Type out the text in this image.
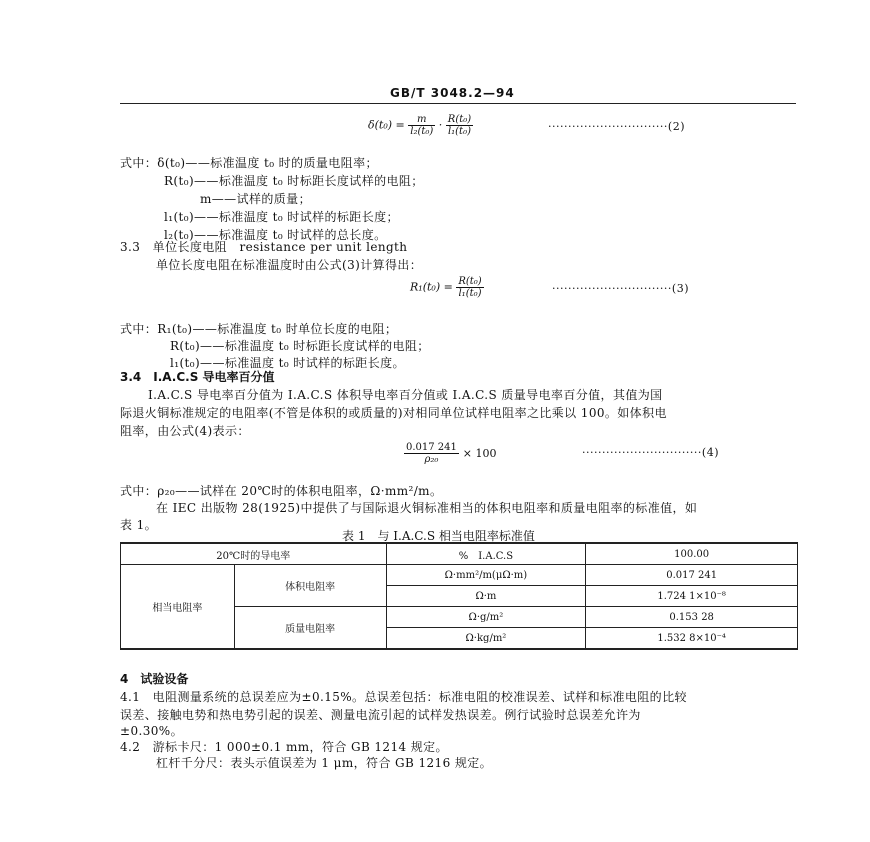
GB/T 3048.2—94
$\delta(t_0) = \frac{m}{\text{l₂(t₀)}} \cdot \frac{\text{R(t₀)}}{\text{l₁(t₀)}}$	······························(2)
式中：δ(t₀)——标准温度 t₀ 时的质量电阻率；
R(t₀)——标准温度 t₀ 时标距长度试样的电阻；
m——试样的质量；
l₁(t₀)——标准温度 t₀ 时试样的标距长度；
l₂(t₀)——标准温度 t₀ 时试样的总长度。
3.3　单位长度电阻　resistance per unit length
单位长度电阻在标准温度时由公式(3)计算得出：
$R_1(t_0) = \frac{\text{R(t₀)}}{\text{l₁(t₀)}}$	······························(3)
式中：R₁(t₀)——标准温度 t₀ 时单位长度的电阻；
R(t₀)——标准温度 t₀ 时标距长度试样的电阻；
l₁(t₀)——标准温度 t₀ 时试样的标距长度。
3.4　I.A.C.S 导电率百分值
I.A.C.S 导电率百分值为 I.A.C.S 体积导电率百分值或 I.A.C.S 质量导电率百分值，其值为国
际退火铜标准规定的电阻率(不管是体积的或质量的)对相同单位试样电阻率之比乘以 100。如体积电
阻率，由公式(4)表示：
$\frac{0.017 241}{\text{ρ₂₀}} \times 100$	······························(4)
式中：ρ₂₀——试样在 20℃时的体积电阻率，Ω·mm²/m。
在 IEC 出版物 28(1925)中提供了与国际退火铜标准相当的体积电阻率和质量电阻率的标准值，如
表 1。
表 1　与 I.A.C.S 相当电阻率标准值
20℃时的导电率		%　I.A.C.S	100.00
相当电阻率	体积电阻率	Ω·mm²/m(μΩ·m)	0.017 241
		Ω·m	1.724 1×10⁻⁸
	质量电阻率	Ω·g/m²	0.153 28
		Ω·kg/m²	1.532 8×10⁻⁴
4　试验设备
4.1　电阻测量系统的总误差应为±0.15%。总误差包括：标准电阻的校准误差、试样和标准电阻的比较
误差、接触电势和热电势引起的误差、测量电流引起的试样发热误差。例行试验时总误差允许为
±0.30%。
4.2　游标卡尺：1 000±0.1 mm，符合 GB 1214 规定。
杠杆千分尺：表头示值误差为 1 μm，符合 GB 1216 规定。
